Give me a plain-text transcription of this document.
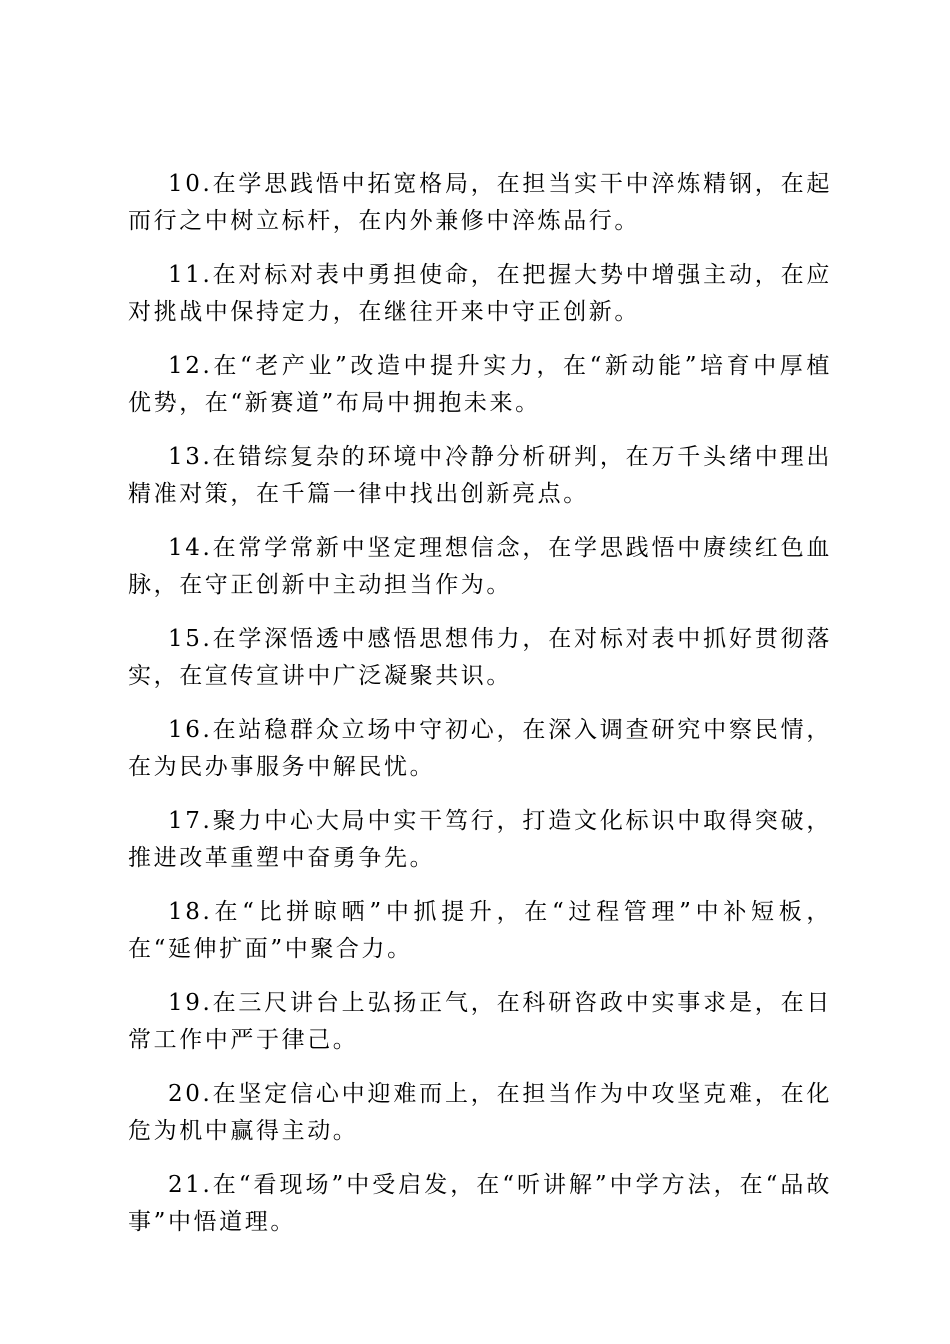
10.在学思践悟中拓宽格局，在担当实干中淬炼精钢，在起而行之中树立标杆，在内外兼修中淬炼品行。

11.在对标对表中勇担使命，在把握大势中增强主动，在应对挑战中保持定力，在继往开来中守正创新。

12.在“老产业”改造中提升实力，在“新动能”培育中厚植优势，在“新赛道”布局中拥抱未来。

13.在错综复杂的环境中冷静分析研判，在万千头绪中理出精准对策，在千篇一律中找出创新亮点。

14.在常学常新中坚定理想信念，在学思践悟中赓续红色血脉，在守正创新中主动担当作为。

15.在学深悟透中感悟思想伟力，在对标对表中抓好贯彻落实，在宣传宣讲中广泛凝聚共识。

16.在站稳群众立场中守初心，在深入调查研究中察民情，在为民办事服务中解民忧。

17.聚力中心大局中实干笃行，打造文化标识中取得突破，推进改革重塑中奋勇争先。

18.在“比拼晾晒”中抓提升，在“过程管理”中补短板，在“延伸扩面”中聚合力。

19.在三尺讲台上弘扬正气，在科研咨政中实事求是，在日常工作中严于律己。

20.在坚定信心中迎难而上，在担当作为中攻坚克难，在化危为机中赢得主动。

21.在“看现场”中受启发，在“听讲解”中学方法，在“品故事”中悟道理。
